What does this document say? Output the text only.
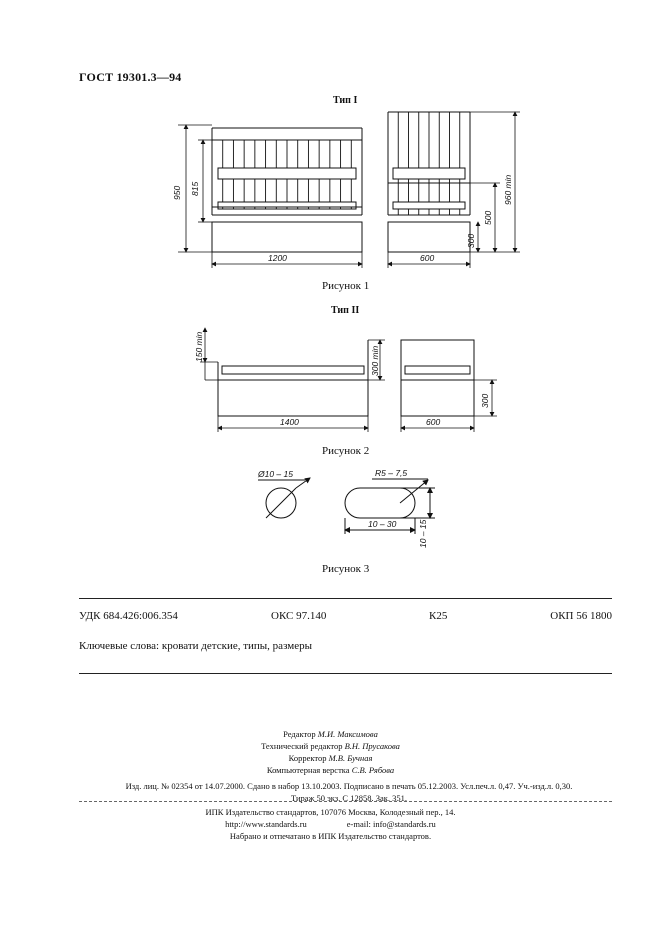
ГОСТ 19301.3—94
Тип I
950 815
1200	600
960 min
500
300
150 min	300 min
1400	600
300
Ø10 – 15	R5 – 7,5
10 – 30	10 – 15
Рисунок 1
Тип II
Рисунок 2
Рисунок 3
УДК 684.426:006.354	ОКС 97.140	К25	ОКП 56 1800
Ключевые слова: кровати детские, типы, размеры
Редактор М.И. Максимова
Технический редактор В.Н. Прусакова
Корректор М.В. Бучная
Компьютерная верстка С.В. Рябова
Изд. лиц. № 02354 от 14.07.2000. Сдано в набор 13.10.2003. Подписано в печать 05.12.2003. Усл.печ.л. 0,47. Уч.-изд.л. 0,30.
Тираж 50 экз. С 12858. Зак. 351.
ИПК Издательство стандартов, 107076 Москва, Колодезный пер., 14.
http://www.standards.ru	e-mail: info@standards.ru
Набрано и отпечатано в ИПК Издательство стандартов.
